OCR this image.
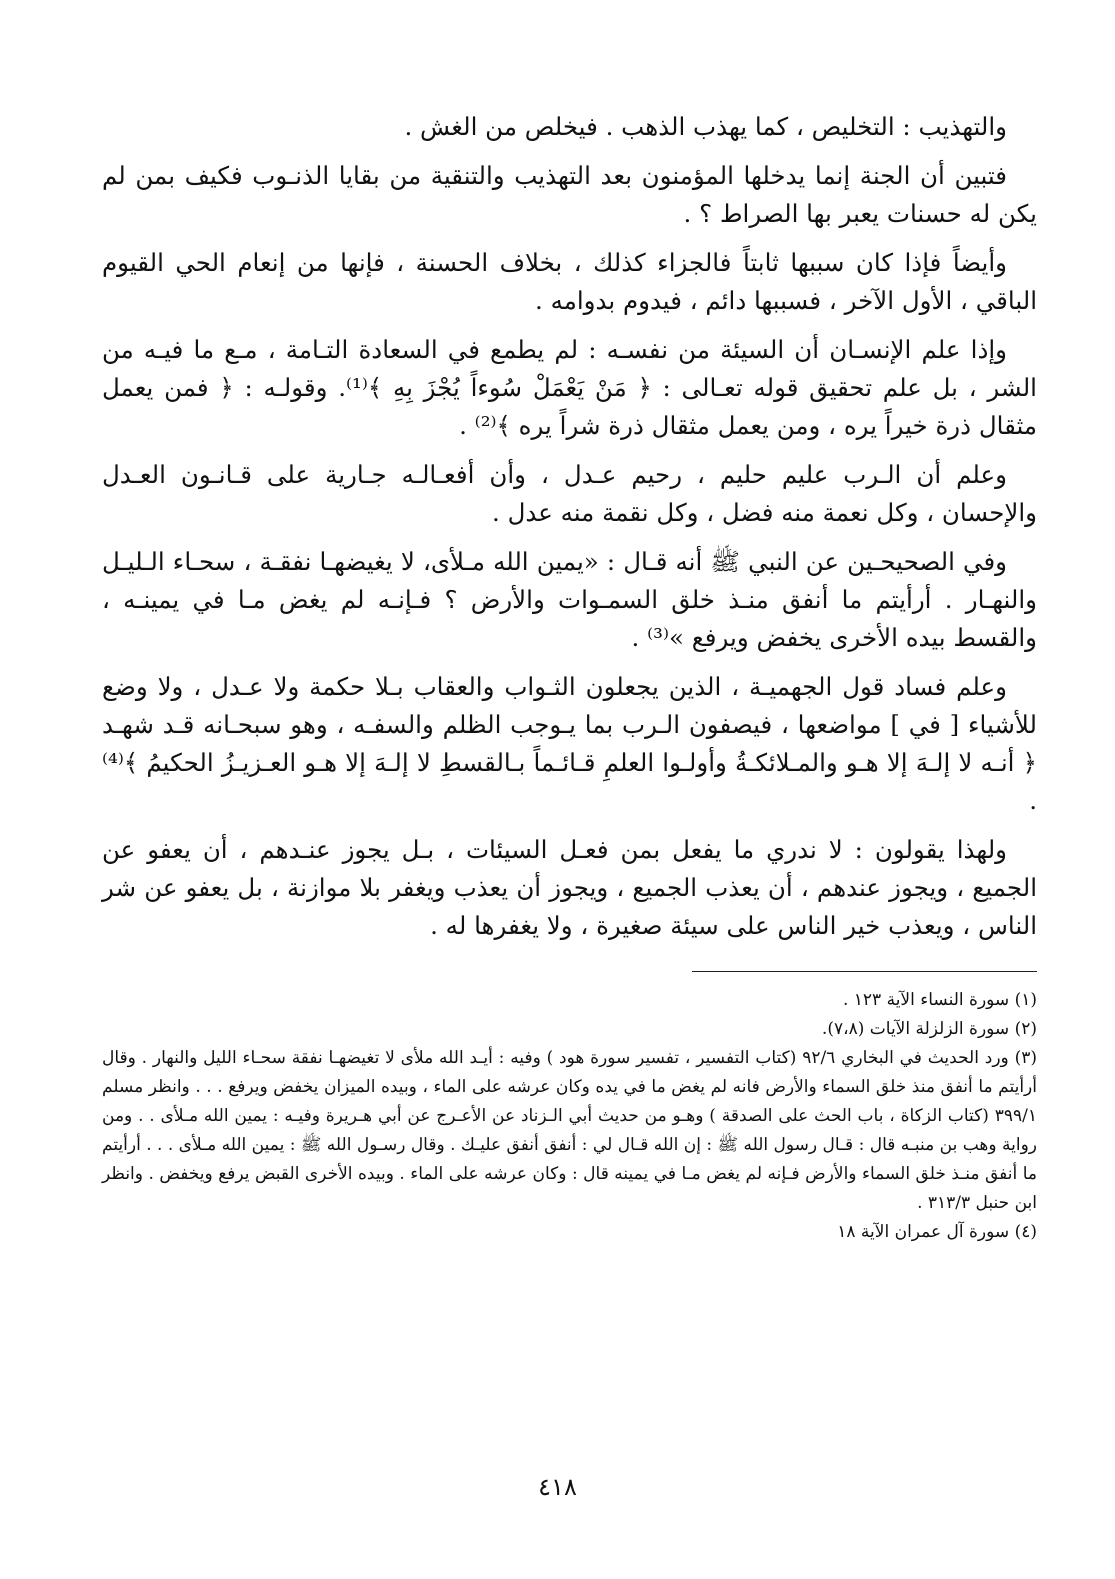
والتهذيب : التخليص ، كما يهذب الذهب . فيخلص من الغش .

فتبين أن الجنة إنما يدخلها المؤمنون بعد التهذيب والتنقية من بقايا الذنـوب فكيف بمن لم يكن له حسنات يعبر بها الصراط ؟ .

وأيضاً فإذا كان سببها ثابتاً فالجزاء كذلك ، بخلاف الحسنة ، فإنها من إنعام الحي القيوم الباقي ، الأول الآخر ، فسببها دائم ، فيدوم بدوامه .

وإذا علم الإنسـان أن السيئة من نفسـه : لم يطمع في السعادة التـامة ، مـع ما فيـه من الشر ، بل علم تحقيق قوله تعـالى : ﴿ مَنْ يَعْمَلْ سُوءاً يُجْزَ بِهِ ﴾⁽¹⁾. وقولـه : ﴿ فمن يعمل مثقال ذرة خيراً يره ، ومن يعمل مثقال ذرة شراً يره ﴾⁽²⁾ .

وعلم أن الـرب عليم حليم ، رحيم عـدل ، وأن أفعـالـه جـارية على قـانـون العـدل والإحسان ، وكل نعمة منه فضل ، وكل نقمة منه عدل .

وفي الصحيحـين عن النبي ﷺ أنه قـال : «يمين الله مـلأى، لا يغيضهـا نفقـة ، سحـاء الـليـل والنهـار . أرأيتم ما أنفق منـذ خلق السمـوات والأرض ؟ فـإنـه لم يغض مـا في يمينـه ، والقسط بيده الأخرى يخفض ويرفع »⁽³⁾ .

وعلم فساد قول الجهميـة ، الذين يجعلون الثـواب والعقاب بـلا حكمة ولا عـدل ، ولا وضع للأشياء [ في ] مواضعها ، فيصفون الـرب بما يـوجب الظلم والسفـه ، وهو سبحـانه قـد شهـد ﴿ أنـه لا إلـهَ إلا هـو والمـلائكـةُ وأولـوا العلمِ قـائـماً بـالقسطِ لا إلـهَ إلا هـو العـزيـزُ الحكيمُ ﴾⁽⁴⁾ .

ولهذا يقولون : لا ندري ما يفعل بمن فعـل السيئات ، بـل يجوز عنـدهم ، أن يعفو عن الجميع ، ويجوز عندهم ، أن يعذب الجميع ، ويجوز أن يعذب ويغفر بلا موازنة ، بل يعفو عن شر الناس ، ويعذب خير الناس على سيئة صغيرة ، ولا يغفرها له .

(١) سورة النساء الآية ١٢٣ .

(٢) سورة الزلزلة الآيات (٧،٨).

(٣) ورد الحديث في البخاري ٩٢/٦ (كتاب التفسير ، تفسير سورة هود ) وفيه : أيـد الله ملأى لا تغيضهـا نفقة سحـاء الليل والنهار . وقال أرأيتم ما أنفق منذ خلق السماء والأرض فانه لم يغض ما في يده وكان عرشه على الماء ، وبيده الميزان يخفض ويرفع . . . وانظر مسلم ٣٩٩/١ (كتاب الزكاة ، باب الحث على الصدقة ) وهـو من حديث أبي الـزناد عن الأعـرج عن أبي هـريرة وفيـه : يمين الله مـلأى . . ومن رواية وهب بن منبـه قال : قـال رسول الله ﷺ : إن الله قـال لي : أنفق أنفق عليـك . وقال رسـول الله ﷺ : يمين الله مـلأى . . . أرأيتم ما أنفق منـذ خلق السماء والأرض فـإنه لم يغض مـا في يمينه قال : وكان عرشه على الماء . وبيده الأخرى القبض يرفع ويخفض . وانظر ابن حنبل ٣١٣/٣ .

(٤) سورة آل عمران الآية ١٨

٤١٨
